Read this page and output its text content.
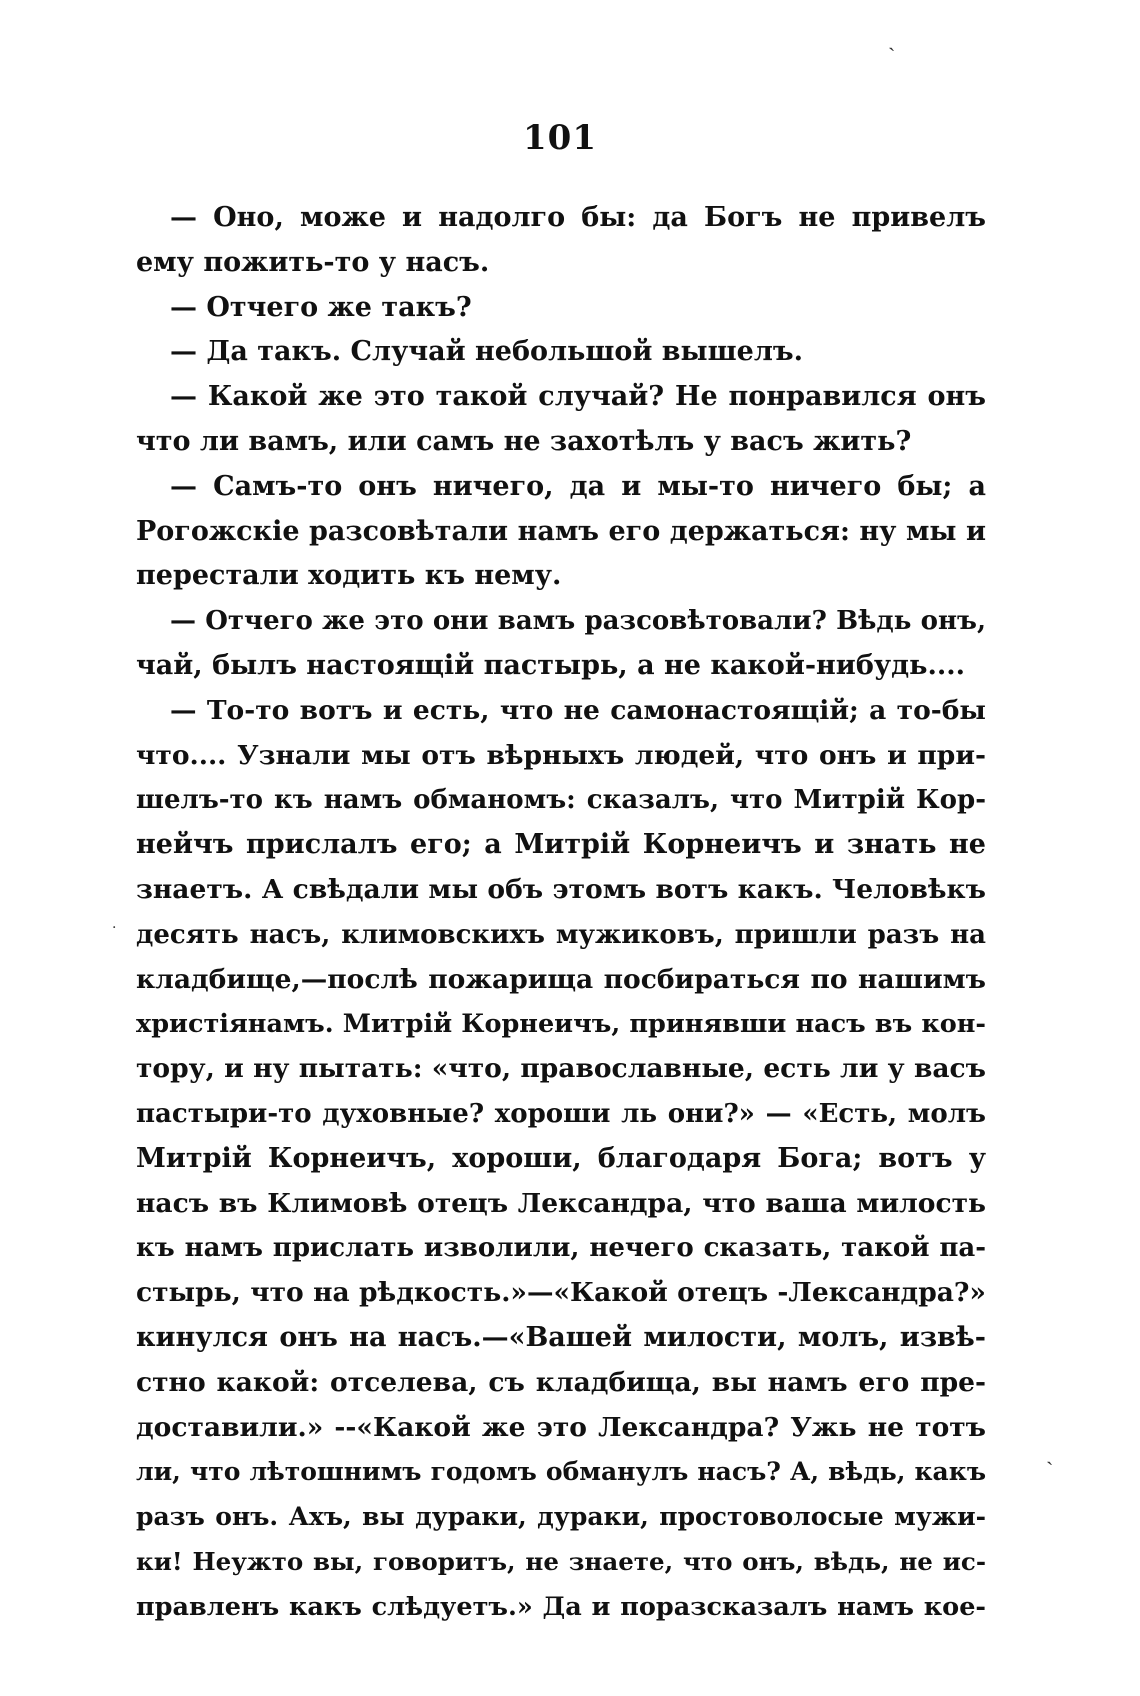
ˏ
ˏ
·
101
— Оно, може и надолго бы: да Богъ не привелъ
ему пожить-то у насъ.
— Отчего же такъ?
— Да такъ. Случай небольшой вышелъ.
— Какой же это такой случай? Не понравился онъ
что ли вамъ, или самъ не захотѣлъ у васъ жить?
— Самъ-то онъ ничего, да и мы-то ничего бы; а
Рогожскіе разсовѣтали намъ его держаться: ну мы и
перестали ходить къ нему.
— Отчего же это они вамъ разсовѣтовали? Вѣдь онъ,
чай, былъ настоящій пастырь, а не какой-нибудь....
— То-то вотъ и есть, что не самонастоящій; а то-бы
что.... Узнали мы отъ вѣрныхъ людей, что онъ и при-
шелъ-то къ намъ обманомъ: сказалъ, что Митрій Кор-
нейчъ прислалъ его; а Митрій Корнеичъ и знать не
знаетъ. А свѣдали мы объ этомъ вотъ какъ. Человѣкъ
десять насъ, климовскихъ мужиковъ, пришли разъ на
кладбище,—послѣ пожарища посбираться по нашимъ
христіянамъ. Митрій Корнеичъ, принявши насъ въ кон-
тору, и ну пытать: «что, православные, есть ли у васъ
пастыри-то духовные? хороши ль они?» — «Есть, молъ
Митрій Корнеичъ, хороши, благодаря Бога; вотъ у
насъ въ Климовѣ отецъ Лександра, что ваша милость
къ намъ прислать изволили, нечего сказать, такой па-
стырь, что на рѣдкость.»—«Какой отецъ -Лександра?»
кинулся онъ на насъ.—«Вашей милости, молъ, извѣ-
стно какой: отселева, съ кладбища, вы намъ его пре-
доставили.» --«Какой же это Лександра? Ужь не тотъ
ли, что лѣтошнимъ годомъ обманулъ насъ? А, вѣдь, какъ
разъ онъ. Ахъ, вы дураки, дураки, простоволосые мужи-
ки! Неужто вы, говоритъ, не знаете, что онъ, вѣдь, не ис-
правленъ какъ слѣдуетъ.» Да и поразсказалъ намъ кое-
